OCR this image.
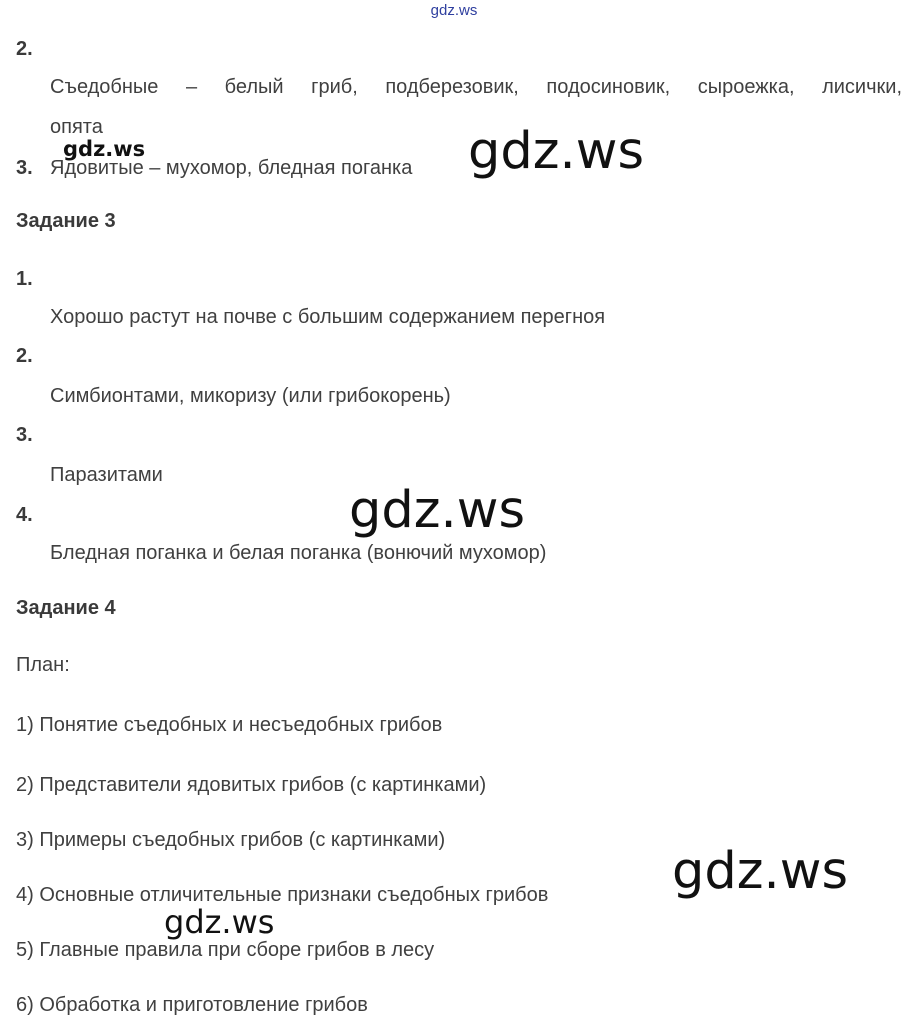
gdz.ws
2.
Съедобные – белый гриб, подберезовик, подосиновик, сыроежка, лисички,
опята
3. Ядовитые – мухомор, бледная поганка
Задание 3
1.
Хорошо растут на почве с большим содержанием перегноя
2.
Симбионтами, микоризу (или грибокорень)
3.
Паразитами
4.
Бледная поганка и белая поганка (вонючий мухомор)
Задание 4
План:
1) Понятие съедобных и несъедобных грибов
2) Представители ядовитых грибов (с картинками)
3) Примеры съедобных грибов (с картинками)
4) Основные отличительные признаки съедобных грибов
5) Главные правила при сборе грибов в лесу
6) Обработка и приготовление грибов
gdz.ws	gdz.ws
gdz.ws
gdz.ws
gdz.ws
